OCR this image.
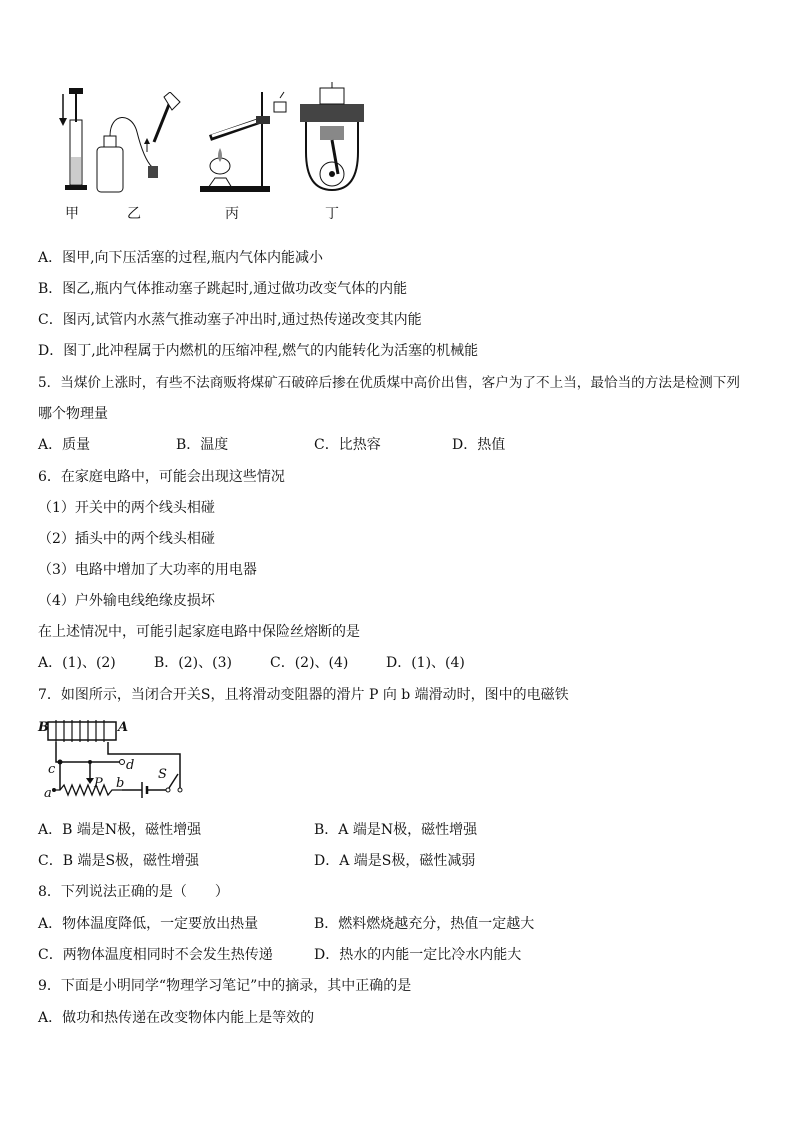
甲	乙	丙	丁
A．图甲,向下压活塞的过程,瓶内气体内能减小
B．图乙,瓶内气体推动塞子跳起时,通过做功改变气体的内能
C．图丙,试管内水蒸气推动塞子冲出时,通过热传递改变其内能
D．图丁,此冲程属于内燃机的压缩冲程,燃气的内能转化为活塞的机械能
5．当煤价上涨时，有些不法商贩将煤矿石破碎后掺在优质煤中高价出售，客户为了不上当，最恰当的方法是检测下列
哪个物理量
A．质量	B．温度	C．比热容	D．热值
6．在家庭电路中，可能会出现这些情况
（1）开关中的两个线头相碰
（2）插头中的两个线头相碰
（3）电路中增加了大功率的用电器
（4）户外输电线绝缘皮损坏
在上述情况中，可能引起家庭电路中保险丝熔断的是
A．(1)、(2)	B．(2)、(3)	C．(2)、(4)	D．(1)、(4)
7．如图所示，当闭合开关S，且将滑动变阻器的滑片 P 向 b 端滑动时，图中的电磁铁
B	A
c	d
S
a
P b
A．B 端是N极，磁性增强	B．A 端是N极，磁性增强
C．B 端是S极，磁性增强	D．A 端是S极，磁性减弱
8．下列说法正确的是（　　）
A．物体温度降低，一定要放出热量	B．燃料燃烧越充分，热值一定越大
C．两物体温度相同时不会发生热传递	D．热水的内能一定比冷水内能大
9．下面是小明同学“物理学习笔记”中的摘录，其中正确的是
A．做功和热传递在改变物体内能上是等效的
